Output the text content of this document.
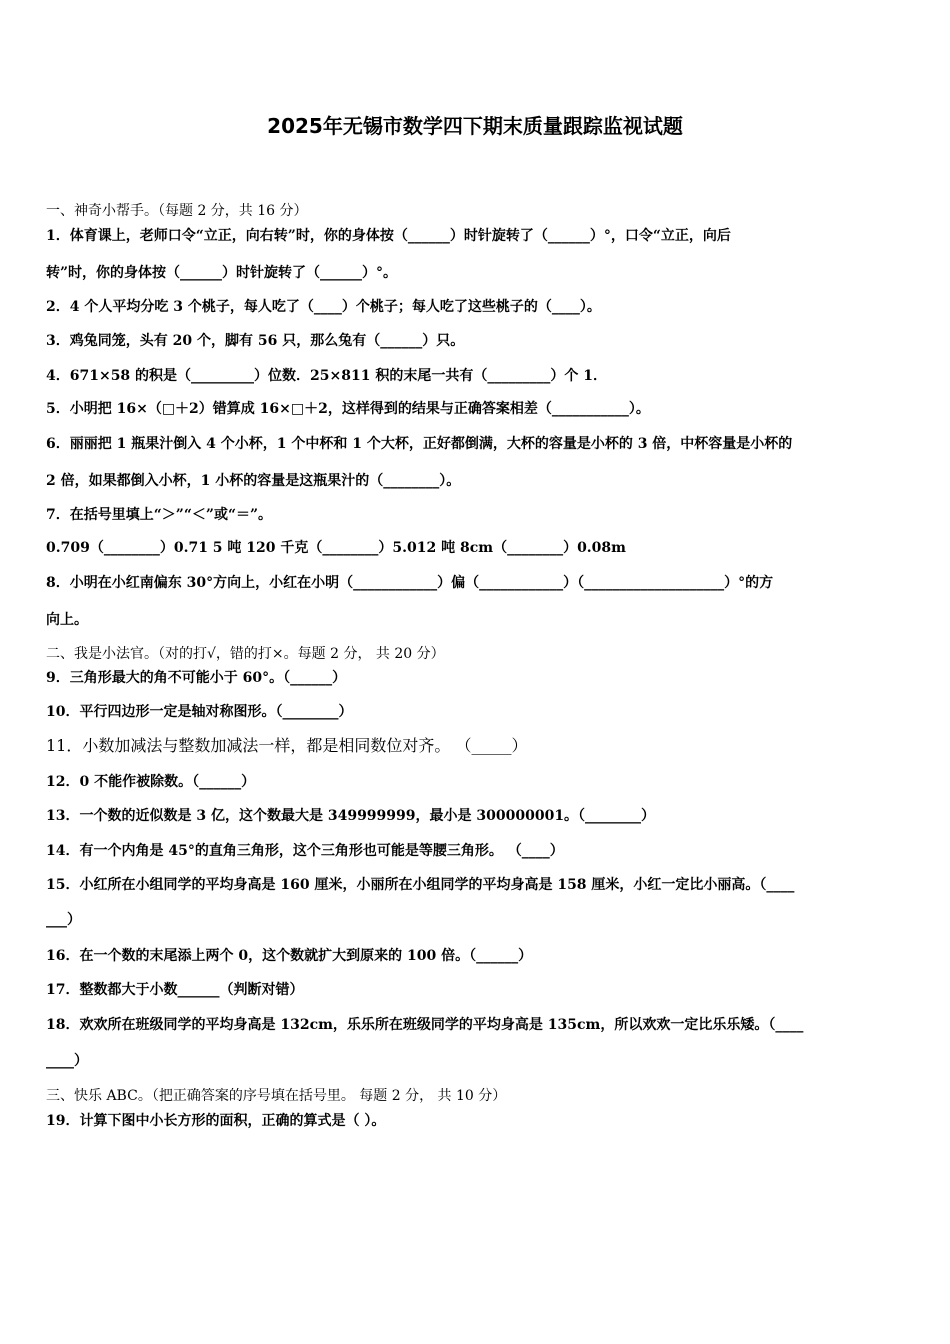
2025年无锡市数学四下期末质量跟踪监视试题
一、神奇小帮手。（每题 2 分，共 16 分）
1．体育课上，老师口令“立正，向右转”时，你的身体按（______）时针旋转了（______）°，口令“立正，向后
转”时，你的身体按（______）时针旋转了（______）°。
2．4 个人平均分吃 3 个桃子，每人吃了（____）个桃子；每人吃了这些桃子的（____）。
3．鸡兔同笼，头有 20 个，脚有 56 只，那么兔有（______）只。
4．671×58 的积是（_________）位数．25×811 积的末尾一共有（_________）个 1．
5．小明把 16×（□＋2）错算成 16×□＋2，这样得到的结果与正确答案相差（___________）。
6．丽丽把 1 瓶果汁倒入 4 个小杯，1 个中杯和 1 个大杯，正好都倒满，大杯的容量是小杯的 3 倍，中杯容量是小杯的
2 倍，如果都倒入小杯，1 小杯的容量是这瓶果汁的（________）。
7．在括号里填上“＞”“＜”或“＝”。
0.709（________）0.71 5 吨 120 千克（________）5.012 吨 8cm（________）0.08m
8．小明在小红南偏东 30°方向上，小红在小明（____________）偏（____________）（____________________）°的方
向上。
二、我是小法官。（对的打√，错的打×。每题 2 分， 共 20 分）
9．三角形最大的角不可能小于 60°。（______）
10．平行四边形一定是轴对称图形。（________）
11．小数加减法与整数加减法一样，都是相同数位对齐。 （_____）
12．0 不能作被除数。（______）
13．一个数的近似数是 3 亿，这个数最大是 349999999，最小是 300000001。（________）
14．有一个内角是 45°的直角三角形，这个三角形也可能是等腰三角形。 （____）
15．小红所在小组同学的平均身高是 160 厘米，小丽所在小组同学的平均身高是 158 厘米，小红一定比小丽高。（____
___）
16．在一个数的末尾添上两个 0，这个数就扩大到原来的 100 倍。（______）
17．整数都大于小数______（判断对错）
18．欢欢所在班级同学的平均身高是 132cm，乐乐所在班级同学的平均身高是 135cm，所以欢欢一定比乐乐矮。（____
____）
三、快乐 ABC。（把正确答案的序号填在括号里。 每题 2 分， 共 10 分）
19．计算下图中小长方形的面积，正确的算式是（ ）。
